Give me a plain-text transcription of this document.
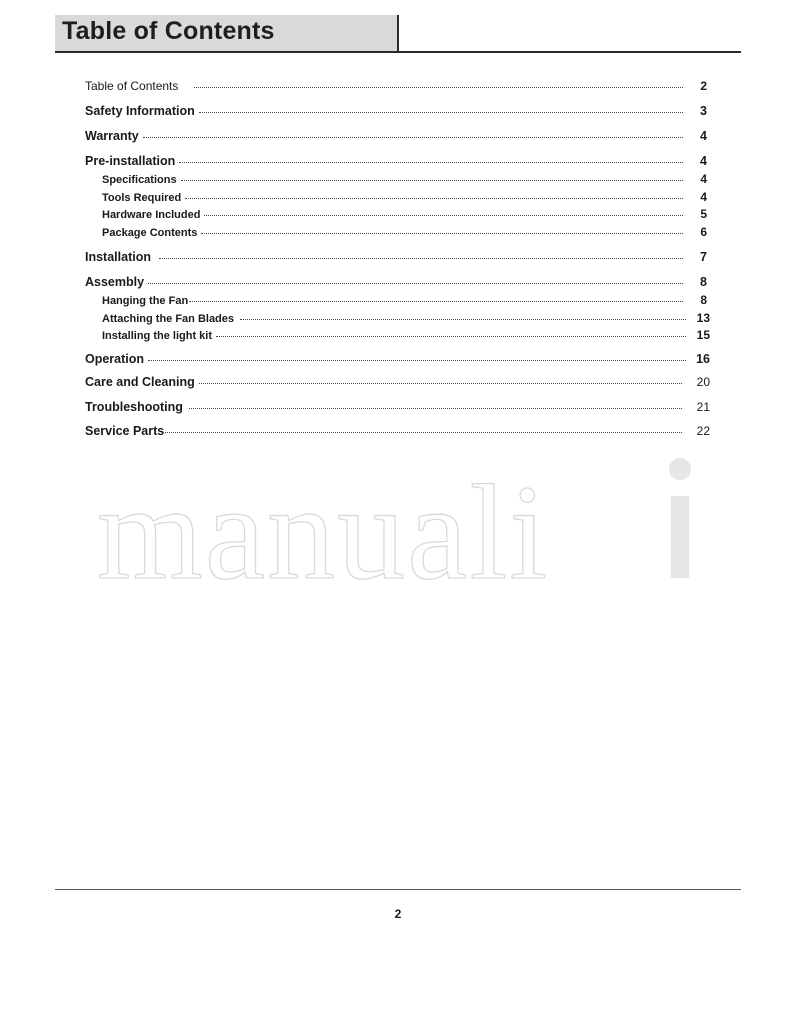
Table of Contents
Table of Contents	2
Safety Information	3
Warranty	4
Pre-installation	4
Specifications	4
Tools Required	4
Hardware Included	5
Package Contents	6
Installation	7
Assembly	8
Hanging the Fan	8
Attaching the Fan Blades	13
Installing the light kit	15
Operation	16
Care and Cleaning	20
Troubleshooting	21
Service Parts	22
manuali
2
